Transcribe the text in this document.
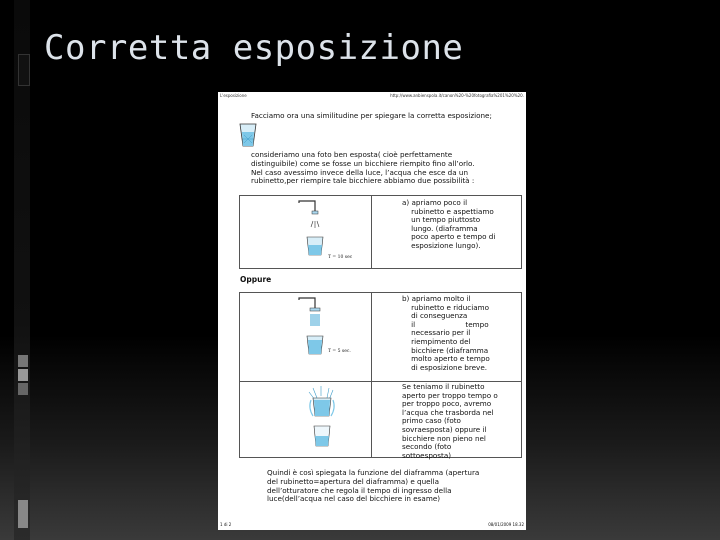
Corretta esposizione
L'esposizione	http://www.anbienspola.it/canon%20-%20fotografia%201%20%20.

Facciamo ora una similitudine per spiegare la corretta esposizione;

consideriamo una foto ben esposta( cioè perfettamente
distinguibile) come se fosse un bicchiere riempito fino all’orlo.
Nel caso avessimo invece della luce, l’acqua che esce da un
rubinetto,per riempire tale bicchiere abbiamo due possibilità :

T = 10 sec

a) apriamo poco il
rubinetto e aspettiamo
un tempo piuttosto
lungo. (diaframma
poco aperto e tempo di
esposizione lungo).

Oppure

T = 5 sec.

b) apriamo molto il
rubinetto e riduciamo
di conseguenza
il                      tempo
necessario per il
riempimento del
bicchiere (diaframma
molto aperto e tempo
di esposizione breve.

Se teniamo il rubinetto
aperto per troppo tempo o
per troppo poco, avremo
l’acqua che trasborda nel
primo caso (foto
sovraesposta) oppure il
bicchiere non pieno nel
secondo (foto
sottoesposta)

Quindi è così spiegata la funzione del diaframma (apertura
del rubinetto=apertura del diaframma) e quella
dell’otturatore che regola il tempo di ingresso della
luce(dell’acqua nel caso del bicchiere in esame)

1 di 2	08/01/2009 18.32
